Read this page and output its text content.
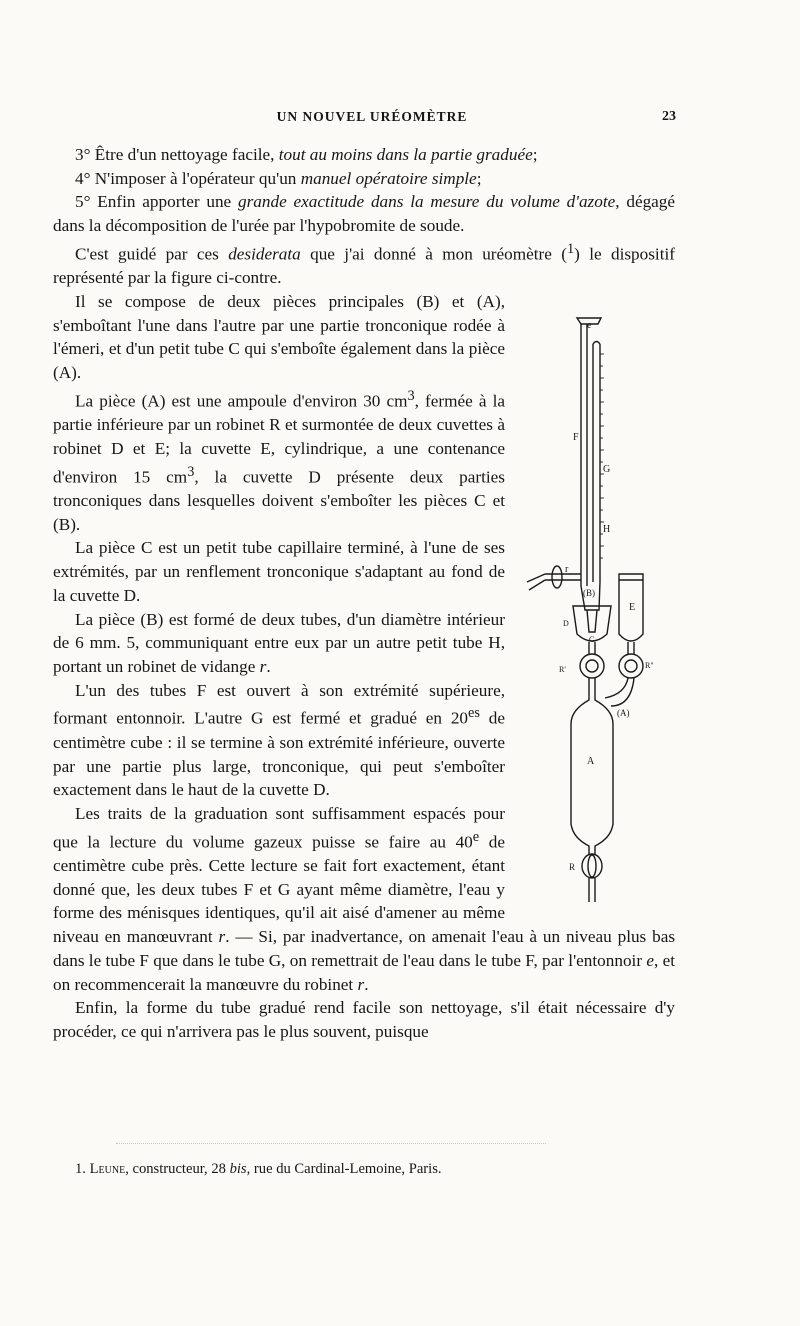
UN NOUVEL URÉOMÈTRE	23

3° Être d'un nettoyage facile, tout au moins dans la partie graduée;

4° N'imposer à l'opérateur qu'un manuel opératoire simple;

5° Enfin apporter une grande exactitude dans la mesure du volume d'azote, dégagé dans la décomposition de l'urée par l'hypobromite de soude.

C'est guidé par ces desiderata que j'ai donné à mon uréomètre ($^1$) le dispositif représenté par la figure ci-contre.

e
F
G
H
r
(B)
E
D
C
R'	R"
(A)
A
R

Il se compose de deux pièces principales (B) et (A), s'emboîtant l'une dans l'autre par une partie tronconique rodée à l'émeri, et d'un petit tube C qui s'emboîte également dans la pièce (A).

La pièce (A) est une ampoule d'environ 30 $cm^3$, fermée à la partie inférieure par un robinet R et surmontée de deux cuvettes à robinet D et E; la cuvette E, cylindrique, a une contenance d'environ 15 $cm^3$, la cuvette D présente deux parties tronconiques dans lesquelles doivent s'emboîter les pièces C et (B).

La pièce C est un petit tube capillaire terminé, à l'une de ses extrémités, par un renflement tronconique s'adaptant au fond de la cuvette D.

La pièce (B) est formé de deux tubes, d'un diamètre intérieur de 6 mm. 5, communiquant entre eux par un autre petit tube H, portant un robinet de vidange r.

L'un des tubes F est ouvert à son extrémité supérieure, formant entonnoir. L'autre G est fermé et gradué en $20^{es}$ de centimètre cube : il se termine à son extrémité inférieure, ouverte par une partie plus large, tronconique, qui peut s'emboîter exactement dans le haut de la cuvette D.

Les traits de la graduation sont suffisamment espacés pour que la lecture du volume gazeux puisse se faire au 40e de centimètre cube près. Cette lecture se fait fort exactement, étant donné que, les deux tubes F et G ayant même diamètre, l'eau y forme des ménisques identiques, qu'il ait aisé d'amener au même niveau en manœuvrant r. — Si, par inadvertance, on amenait l'eau à un niveau plus bas dans le tube F que dans le tube G, on remettrait de l'eau dans le tube F, par l'entonnoir e, et on recommencerait la manœuvre du robinet r.

Enfin, la forme du tube gradué rend facile son nettoyage, s'il était nécessaire d'y procéder, ce qui n'arrivera pas le plus souvent, puisque

1. Leune, constructeur, 28 bis, rue du Cardinal-Lemoine, Paris.
